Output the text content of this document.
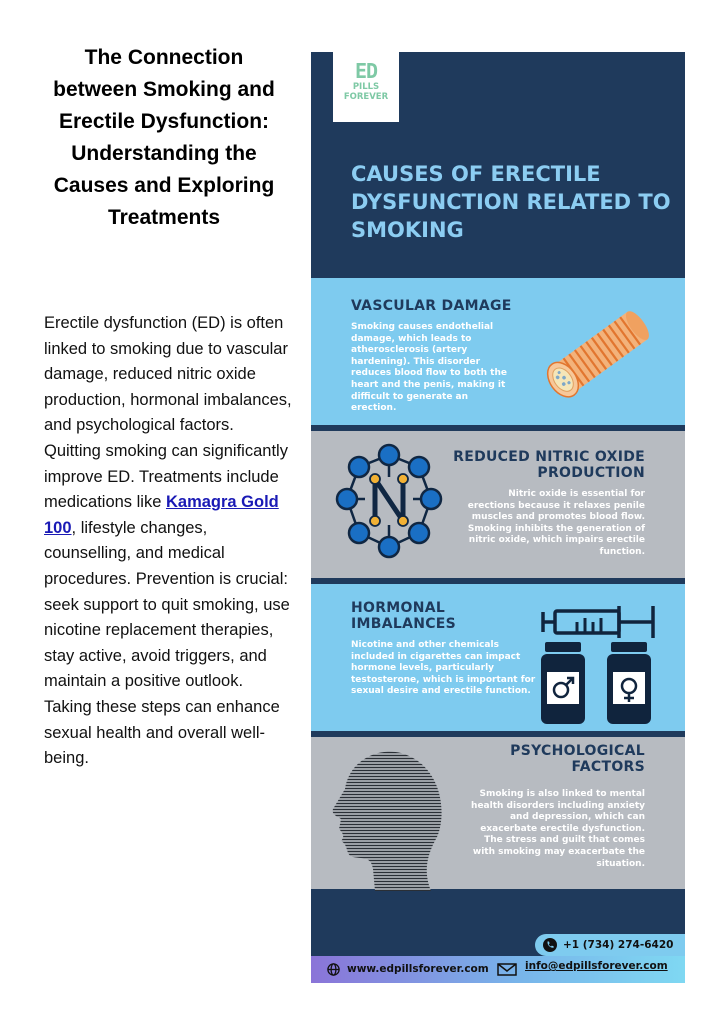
The Connection between Smoking and Erectile Dysfunction: Understanding the Causes and Exploring Treatments

Erectile dysfunction (ED) is often linked to smoking due to vascular damage, reduced nitric oxide production, hormonal imbalances, and psychological factors. Quitting smoking can significantly improve ED. Treatments include medications like Kamagra Gold 100, lifestyle changes, counselling, and medical procedures. Prevention is crucial: seek support to quit smoking, use nicotine replacement therapies, stay active, avoid triggers, and maintain a positive outlook. Taking these steps can enhance sexual health and overall well-being.

ED
PILLS
FOREVER
CAUSES OF ERECTILE DYSFUNCTION RELATED TO SMOKING
VASCULAR DAMAGE

Smoking causes endothelial damage, which leads to atherosclerosis (artery hardening). This disorder reduces blood flow to both the heart and the penis, making it difficult to generate an erection.

REDUCED NITRIC OXIDE PRODUCTION

Nitric oxide is essential for erections because it relaxes penile muscles and promotes blood flow. Smoking inhibits the generation of nitric oxide, which impairs erectile function.

HORMONAL IMBALANCES

Nicotine and other chemicals included in cigarettes can impact hormone levels, particularly testosterone, which is important for sexual desire and erectile function.

PSYCHOLOGICAL FACTORS

Smoking is also linked to mental health disorders including anxiety and depression, which can exacerbate erectile dysfunction. The stress and guilt that comes with smoking may exacerbate the situation.

+1 (734) 274-6420
www.edpillsforever.com	info@edpillsforever.com
